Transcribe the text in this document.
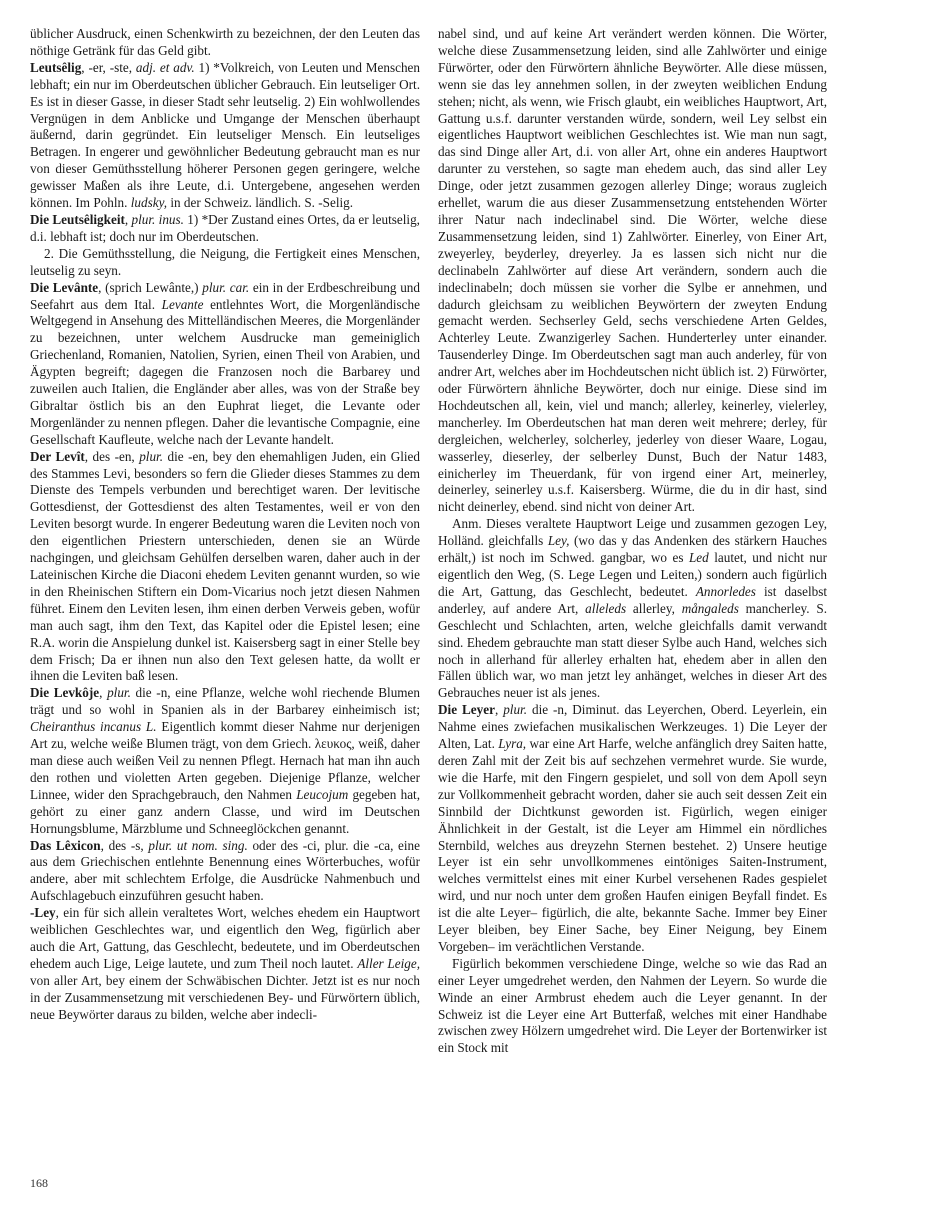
üblicher Ausdruck, einen Schenkwirth zu bezeichnen, der den Leuten das nöthige Getränk für das Geld gibt.

Leutsêlig, -er, -ste, adj. et adv. 1) *Volkreich, von Leuten und Menschen lebhaft; ein nur im Oberdeutschen üblicher Gebrauch. Ein leutseliger Ort. Es ist in dieser Gasse, in dieser Stadt sehr leutselig. 2) Ein wohlwollendes Vergnügen in dem Anblicke und Umgange der Menschen überhaupt äußernd, darin gegründet. Ein leutseliger Mensch. Ein leutseliges Betragen. In engerer und gewöhnlicher Bedeutung gebraucht man es nur von dieser Gemüthsstellung höherer Personen gegen geringere, welche gewisser Maßen als ihre Leute, d.i. Untergebene, angesehen werden können. Im Pohln. ludsky, in der Schweiz. ländlich. S. -Selig.

Die Leutsêligkeit, plur. inus. 1) *Der Zustand eines Ortes, da er leutselig, d.i. lebhaft ist; doch nur im Oberdeutschen.

2. Die Gemüthsstellung, die Neigung, die Fertigkeit eines Menschen, leutselig zu seyn.

Die Levânte, (sprich Lewânte,) plur. car. ein in der Erdbeschreibung und Seefahrt aus dem Ital. Levante entlehntes Wort, die Morgenländische Weltgegend in Ansehung des Mittelländischen Meeres, die Morgenländer zu bezeichnen, unter welchem Ausdrucke man gemeiniglich Griechenland, Romanien, Natolien, Syrien, einen Theil von Arabien, und Ägypten begreift; dagegen die Franzosen noch die Barbarey und zuweilen auch Italien, die Engländer aber alles, was von der Straße bey Gibraltar östlich bis an den Euphrat lieget, die Levante oder Morgenländer zu nennen pflegen. Daher die levantische Compagnie, eine Gesellschaft Kaufleute, welche nach der Levante handelt.

Der Levît, des -en, plur. die -en, bey den ehemahligen Juden, ein Glied des Stammes Levi, besonders so fern die Glieder dieses Stammes zu dem Dienste des Tempels verbunden und berechtiget waren. Der levitische Gottesdienst, der Gottesdienst des alten Testamentes, weil er von den Leviten besorgt wurde. In engerer Bedeutung waren die Leviten noch von den eigentlichen Priestern unterschieden, denen sie an Würde nachgingen, und gleichsam Gehülfen derselben waren, daher auch in der Lateinischen Kirche die Diaconi ehedem Leviten genannt wurden, so wie in den Rheinischen Stiftern ein Dom-Vicarius noch jetzt diesen Nahmen führet. Einem den Leviten lesen, ihm einen derben Verweis geben, wofür man auch sagt, ihm den Text, das Kapitel oder die Epistel lesen; eine R.A. worin die Anspielung dunkel ist. Kaisersberg sagt in einer Stelle bey dem Frisch; Da er ihnen nun also den Text gelesen hatte, da wollt er ihnen die Leviten baß lesen.

Die Levkôje, plur. die -n, eine Pflanze, welche wohl riechende Blumen trägt und so wohl in Spanien als in der Barbarey einheimisch ist; Cheiranthus incanus L. Eigentlich kommt dieser Nahme nur derjenigen Art zu, welche weiße Blumen trägt, von dem Griech. λευκος, weiß, daher man diese auch weißen Veil zu nennen Pflegt. Hernach hat man ihn auch den rothen und violetten Arten gegeben. Diejenige Pflanze, welcher Linnee, wider den Sprachgebrauch, den Nahmen Leucojum gegeben hat, gehört zu einer ganz andern Classe, und wird im Deutschen Hornungsblume, Märzblume und Schneeglöckchen genannt.

Das Lêxicon, des -s, plur. ut nom. sing. oder des -ci, plur. die -ca, eine aus dem Griechischen entlehnte Benennung eines Wörterbuches, wofür andere, aber mit schlechtem Erfolge, die Ausdrücke Nahmenbuch und Aufschlagebuch einzuführen gesucht haben.

-Ley, ein für sich allein veraltetes Wort, welches ehedem ein Hauptwort weiblichen Geschlechtes war, und eigentlich den Weg, figürlich aber auch die Art, Gattung, das Geschlecht, bedeutete, und im Oberdeutschen ehedem auch Lige, Leige lautete, und zum Theil noch lautet. Aller Leige, von aller Art, bey einem der Schwäbischen Dichter. Jetzt ist es nur noch in der Zusammensetzung mit verschiedenen Bey- und Fürwörtern üblich, neue Beywörter daraus zu bilden, welche aber indecli-

nabel sind, und auf keine Art verändert werden können. Die Wörter, welche diese Zusammensetzung leiden, sind alle Zahlwörter und einige Fürwörter, oder den Fürwörtern ähnliche Beywörter. Alle diese müssen, wenn sie das ley annehmen sollen, in der zweyten weiblichen Endung stehen; nicht, als wenn, wie Frisch glaubt, ein weibliches Hauptwort, Art, Gattung u.s.f. darunter verstanden würde, sondern, weil Ley selbst ein eigentliches Hauptwort weiblichen Geschlechtes ist. Wie man nun sagt, das sind Dinge aller Art, d.i. von aller Art, ohne ein anderes Hauptwort darunter zu verstehen, so sagte man ehedem auch, das sind aller Ley Dinge, oder jetzt zusammen gezogen allerley Dinge; woraus zugleich erhellet, warum die aus dieser Zusammensetzung entstehenden Wörter ihrer Natur nach indeclinabel sind. Die Wörter, welche diese Zusammensetzung leiden, sind 1) Zahlwörter. Einerley, von Einer Art, zweyerley, beyderley, dreyerley. Ja es lassen sich nicht nur die declinabeln Zahlwörter auf diese Art verändern, sondern auch die indeclinabeln; doch müssen sie vorher die Sylbe er annehmen, und dadurch gleichsam zu weiblichen Beywörtern der zweyten Endung gemacht werden. Sechserley Geld, sechs verschiedene Arten Geldes, Achterley Leute. Zwanzigerley Sachen. Hunderterley unter einander. Tausenderley Dinge. Im Oberdeutschen sagt man auch anderley, für von andrer Art, welches aber im Hochdeutschen nicht üblich ist. 2) Fürwörter, oder Fürwörtern ähnliche Beywörter, doch nur einige. Diese sind im Hochdeutschen all, kein, viel und manch; allerley, keinerley, vielerley, mancherley. Im Oberdeutschen hat man deren weit mehrere; derley, für dergleichen, welcherley, solcherley, jederley von dieser Waare, Logau, wasserley, dieserley, der selberley Dunst, Buch der Natur 1483, einicherley im Theuerdank, für von irgend einer Art, meinerley, deinerley, seinerley u.s.f. Kaisersberg. Würme, die du in dir hast, sind nicht deinerley, ebend. sind nicht von deiner Art.

Anm. Dieses veraltete Hauptwort Leige und zusammen gezogen Ley, Holländ. gleichfalls Ley, (wo das y das Andenken des stärkern Hauches erhält,) ist noch im Schwed. gangbar, wo es Led lautet, und nicht nur eigentlich den Weg, (S. Lege Legen und Leiten,) sondern auch figürlich die Art, Gattung, das Geschlecht, bedeutet. Annorledes ist daselbst anderley, auf andere Art, alleleds allerley, mångaleds mancherley. S. Geschlecht und Schlachten, arten, welche gleichfalls damit verwandt sind. Ehedem gebrauchte man statt dieser Sylbe auch Hand, welches sich noch in allerhand für allerley erhalten hat, ehedem aber in allen den Fällen üblich war, wo man jetzt ley anhänget, welches in dieser Art des Gebrauches neuer ist als jenes.

Die Leyer, plur. die -n, Diminut. das Leyerchen, Oberd. Leyerlein, ein Nahme eines zwiefachen musikalischen Werkzeuges. 1) Die Leyer der Alten, Lat. Lyra, war eine Art Harfe, welche anfänglich drey Saiten hatte, deren Zahl mit der Zeit bis auf sechzehen vermehret wurde. Sie wurde, wie die Harfe, mit den Fingern gespielet, und soll von dem Apoll seyn zur Vollkommenheit gebracht worden, daher sie auch seit dessen Zeit ein Sinnbild der Dichtkunst geworden ist. Figürlich, wegen einiger Ähnlichkeit in der Gestalt, ist die Leyer am Himmel ein nördliches Sternbild, welches aus dreyzehn Sternen bestehet. 2) Unsere heutige Leyer ist ein sehr unvollkommenes eintöniges Saiten-Instrument, welches vermittelst eines mit einer Kurbel versehenen Rades gespielet wird, und nur noch unter dem großen Haufen einigen Beyfall findet. Es ist die alte Leyer– figürlich, die alte, bekannte Sache. Immer bey Einer Leyer bleiben, bey Einer Sache, bey Einer Neigung, bey Einem Vorgeben– im verächtlichen Verstande.

Figürlich bekommen verschiedene Dinge, welche so wie das Rad an einer Leyer umgedrehet werden, den Nahmen der Leyern. So wurde die Winde an einer Armbrust ehedem auch die Leyer genannt. In der Schweiz ist die Leyer eine Art Butterfaß, welches mit einer Handhabe zwischen zwey Hölzern umgedrehet wird. Die Leyer der Bortenwirker ist ein Stock mit

168
